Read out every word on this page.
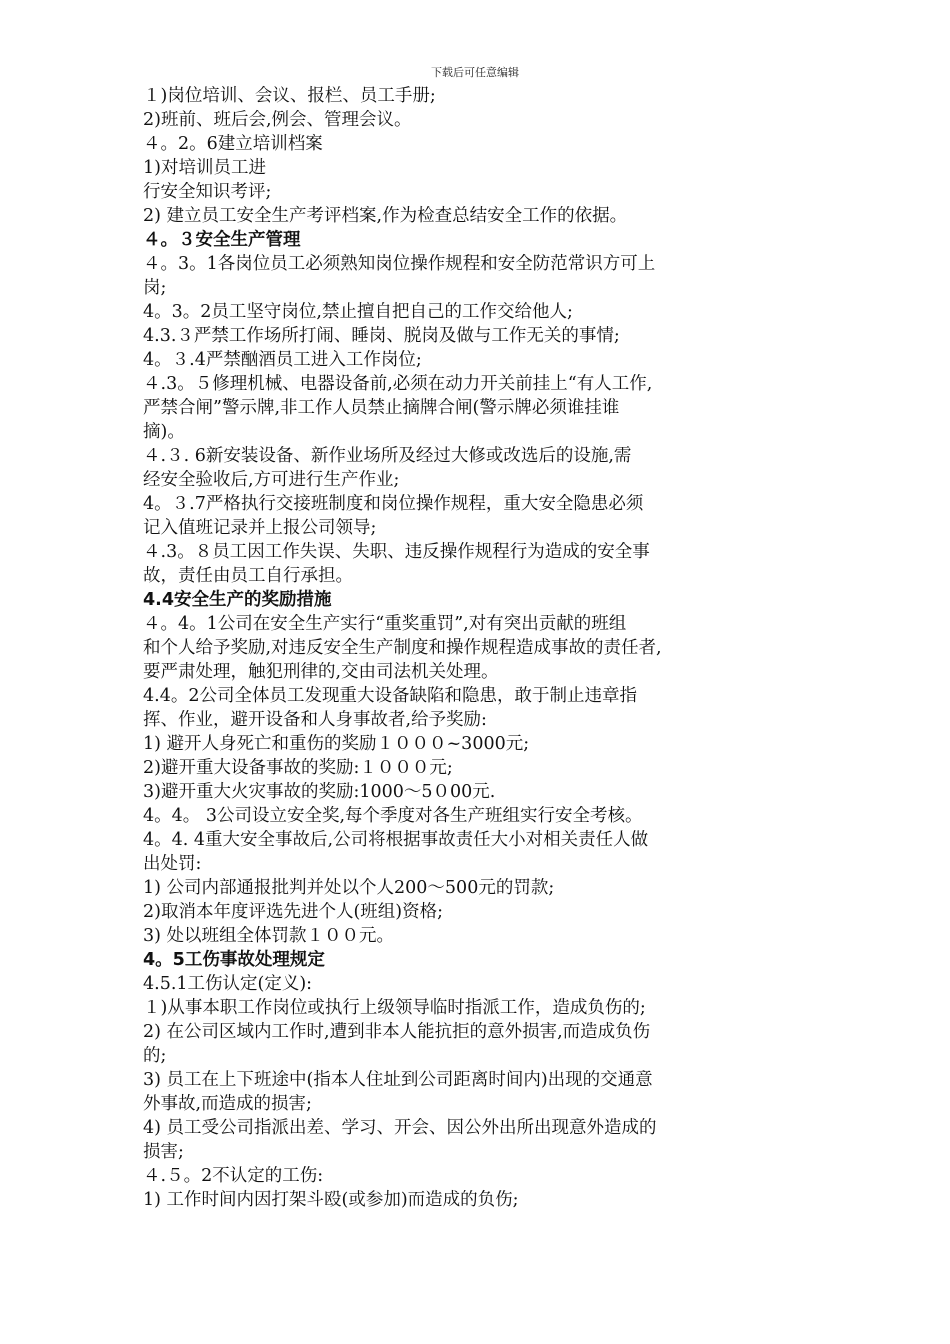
下载后可任意编辑

１)岗位培训、会议、报栏、员工手册;

2)班前、班后会,例会、管理会议。

４。2。6建立培训档案

1)对培训员工进

行安全知识考评;

2) 建立员工安全生产考评档案,作为检查总结安全工作的依据。

４。３安全生产管理

４。3。1各岗位员工必须熟知岗位操作规程和安全防范常识方可上

岗;

4。3。2员工坚守岗位,禁止擅自把自己的工作交给他人;

4.3.３严禁工作场所打闹、睡岗、脱岗及做与工作无关的事情;

4。３.4严禁酗酒员工进入工作岗位;

４.3。５修理机械、电器设备前,必须在动力开关前挂上“有人工作,

严禁合闸”警示牌,非工作人员禁止摘牌合闸(警示牌必须谁挂谁

摘)。

４.３. 6新安装设备、新作业场所及经过大修或改选后的设施,需

经安全验收后,方可进行生产作业;

4。３.7严格执行交接班制度和岗位操作规程，重大安全隐患必须

记入值班记录并上报公司领导;

４.3。８员工因工作失误、失职、违反操作规程行为造成的安全事

故，责任由员工自行承担。

4.4安全生产的奖励措施

４。4。1公司在安全生产实行“重奖重罚”,对有突出贡献的班组

和个人给予奖励,对违反安全生产制度和操作规程造成事故的责任者,

要严肃处理，触犯刑律的,交由司法机关处理。

4.4。2公司全体员工发现重大设备缺陷和隐患，敢于制止违章指

挥、作业，避开设备和人身事故者,给予奖励:

1) 避开人身死亡和重伤的奖励１０００~3000元;

2)避开重大设备事故的奖励:１０００元;

3)避开重大火灾事故的奖励:1000～5０00元.

4。4。 3公司设立安全奖,每个季度对各生产班组实行安全考核。

4。4. 4重大安全事故后,公司将根据事故责任大小对相关责任人做

出处罚:

1) 公司内部通报批判并处以个人200～500元的罚款;

2)取消本年度评选先进个人(班组)资格;

3) 处以班组全体罚款１００元。

4。5工伤事故处理规定

4.5.1工伤认定(定义):

１)从事本职工作岗位或执行上级领导临时指派工作，造成负伤的;

2) 在公司区域内工作时,遭到非本人能抗拒的意外损害,而造成负伤

的;

3) 员工在上下班途中(指本人住址到公司距离时间内)出现的交通意

外事故,而造成的损害;

4) 员工受公司指派出差、学习、开会、因公外出所出现意外造成的

损害;

４.５。2不认定的工伤:

1) 工作时间内因打架斗殴(或参加)而造成的负伤;
